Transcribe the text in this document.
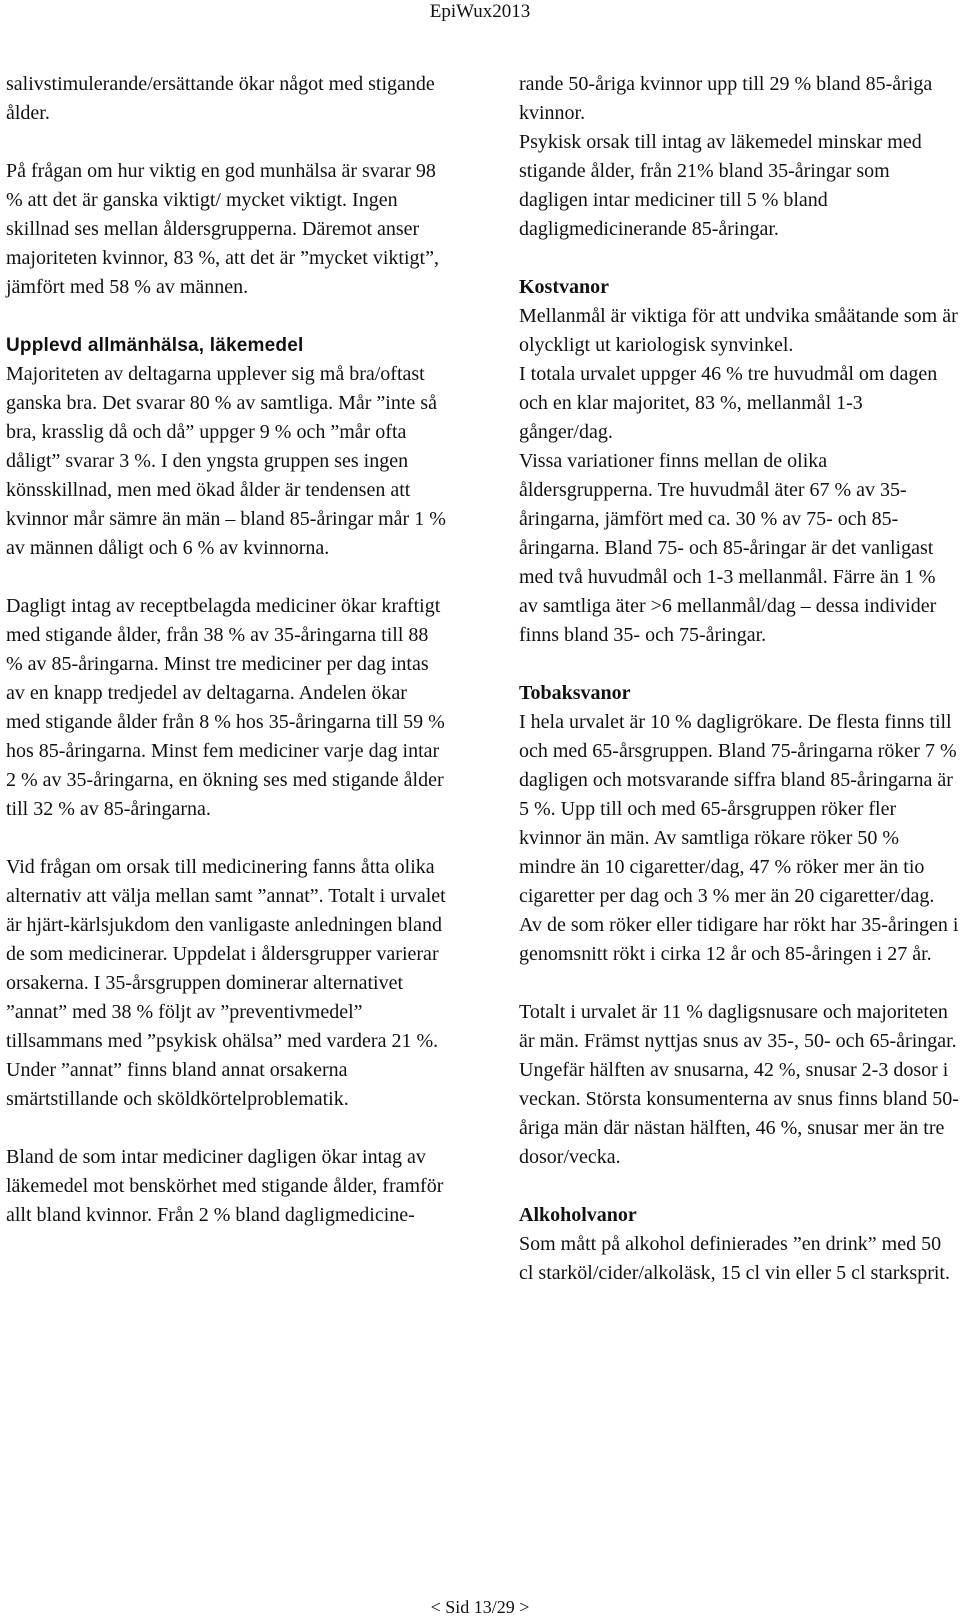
EpiWux2013

salivstimulerande/ersättande ökar något med stigande ålder.

På frågan om hur viktig en god munhälsa är svarar 98 % att det är ganska viktigt/ mycket viktigt. Ingen skillnad ses mellan åldersgrupperna. Däremot anser majoriteten kvinnor, 83 %, att det är ”mycket viktigt”, jämfört med 58 % av männen.

Upplevd allmänhälsa, läkemedel

Majoriteten av deltagarna upplever sig må bra/oftast ganska bra. Det svarar 80 % av samtliga. Mår ”inte så bra, krasslig då och då” uppger 9 % och ”mår ofta dåligt” svarar 3 %. I den yngsta gruppen ses ingen könsskillnad, men med ökad ålder är tendensen att kvinnor mår sämre än män – bland 85-åringar mår 1 % av männen dåligt och 6 % av kvinnorna.

Dagligt intag av receptbelagda mediciner ökar kraftigt med stigande ålder, från 38 % av 35-åringarna till 88 % av 85-åringarna. Minst tre mediciner per dag intas av en knapp tredjedel av deltagarna. Andelen ökar med stigande ålder från 8 % hos 35-åringarna till 59 % hos 85-åringarna. Minst fem mediciner varje dag intar 2 % av 35-åringarna, en ökning ses med stigande ålder till 32 % av 85-åringarna.

Vid frågan om orsak till medicinering fanns åtta olika alternativ att välja mellan samt ”annat”. Totalt i urvalet är hjärt-kärlsjukdom den vanligaste anledningen bland de som medicinerar. Uppdelat i åldersgrupper varierar orsakerna. I 35-årsgruppen dominerar alternativet ”annat” med 38 % följt av ”preventivmedel” tillsammans med ”psykisk ohälsa” med vardera 21 %. Under ”annat” finns bland annat orsakerna smärtstillande och sköldkörtelproblematik.

Bland de som intar mediciner dagligen ökar intag av läkemedel mot benskörhet med stigande ålder, framför allt bland kvinnor. Från 2 % bland dagligmedicine-

rande 50-åriga kvinnor upp till 29 % bland 85-åriga kvinnor.

Psykisk orsak till intag av läkemedel minskar med stigande ålder, från 21% bland 35-åringar som dagligen intar mediciner till 5 % bland dagligmedicinerande 85-åringar.

Kostvanor

Mellanmål är viktiga för att undvika småätande som är olyckligt ut kariologisk synvinkel.

I totala urvalet uppger 46 % tre huvudmål om dagen och en klar majoritet, 83 %, mellanmål 1-3 gånger/dag.

Vissa variationer finns mellan de olika åldersgrupperna. Tre huvudmål äter 67 % av 35-åringarna, jämfört med ca. 30 % av 75- och 85-åringarna. Bland 75- och 85-åringar är det vanligast med två huvudmål och 1-3 mellanmål. Färre än 1 % av samtliga äter >6 mellanmål/dag – dessa individer finns bland 35- och 75-åringar.

Tobaksvanor

I hela urvalet är 10 % dagligrökare. De flesta finns till och med 65-årsgruppen. Bland 75-åringarna röker 7 % dagligen och motsvarande siffra bland 85-åringarna är 5 %. Upp till och med 65-årsgruppen röker fler kvinnor än män. Av samtliga rökare röker 50 % mindre än 10 cigaretter/dag, 47 % röker mer än tio cigaretter per dag och 3 % mer än 20 cigaretter/dag.

Av de som röker eller tidigare har rökt har 35-åringen i genomsnitt rökt i cirka 12 år och 85-åringen i 27 år.

Totalt i urvalet är 11 % dagligsnusare och majoriteten är män. Främst nyttjas snus av 35-, 50- och 65-åringar. Ungefär hälften av snusarna, 42 %, snusar 2-3 dosor i veckan. Största konsumenterna av snus finns bland 50-åriga män där nästan hälften, 46 %, snusar mer än tre dosor/vecka.

Alkoholvanor

Som mått på alkohol definierades ”en drink” med 50 cl starköl/cider/alkoläsk, 15 cl vin eller 5 cl starksprit.

< Sid 13/29 >
